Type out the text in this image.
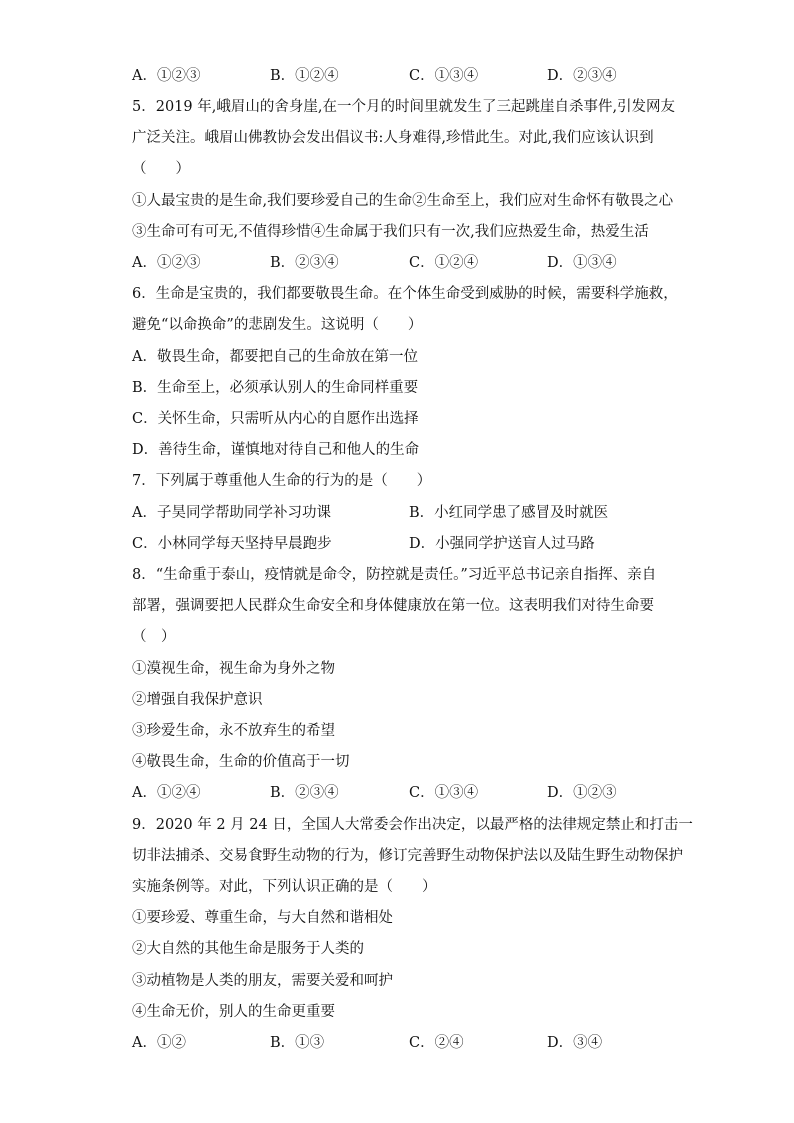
A．①②③	B．①②④	C．①③④	D．②③④
5．2019 年,峨眉山的舍身崖,在一个月的时间里就发生了三起跳崖自杀事件,引发网友
广泛关注。峨眉山佛教协会发出倡议书:人身难得,珍惜此生。对此,我们应该认识到
（　　）
①人最宝贵的是生命,我们要珍爱自己的生命②生命至上，我们应对生命怀有敬畏之心
③生命可有可无,不值得珍惜④生命属于我们只有一次,我们应热爱生命，热爱生活
A．①②③	B．②③④	C．①②④	D．①③④
6．生命是宝贵的，我们都要敬畏生命。在个体生命受到威胁的时候，需要科学施救，
避免“以命换命”的悲剧发生。这说明（　　）
A．敬畏生命，都要把自己的生命放在第一位
B．生命至上，必须承认别人的生命同样重要
C．关怀生命，只需听从内心的自愿作出选择
D．善待生命，谨慎地对待自己和他人的生命
7．下列属于尊重他人生命的行为的是（　　）
A．子昊同学帮助同学补习功课	B．小红同学患了感冒及时就医
C．小林同学每天坚持早晨跑步	D．小强同学护送盲人过马路
8．“生命重于泰山，疫情就是命令，防控就是责任。”习近平总书记亲自指挥、亲自
部署，强调要把人民群众生命安全和身体健康放在第一位。这表明我们对待生命要
（　）
①漠视生命，视生命为身外之物
②增强自我保护意识
③珍爱生命，永不放弃生的希望
④敬畏生命，生命的价值高于一切
A．①②④	B．②③④	C．①③④	D．①②③
9．2020 年 2 月 24 日，全国人大常委会作出决定，以最严格的法律规定禁止和打击一
切非法捕杀、交易食野生动物的行为，修订完善野生动物保护法以及陆生野生动物保护
实施条例等。对此，下列认识正确的是（　　）
①要珍爱、尊重生命，与大自然和谐相处
②大自然的其他生命是服务于人类的
③动植物是人类的朋友，需要关爱和呵护
④生命无价，别人的生命更重要
A．①②	B．①③	C．②④	D．③④
